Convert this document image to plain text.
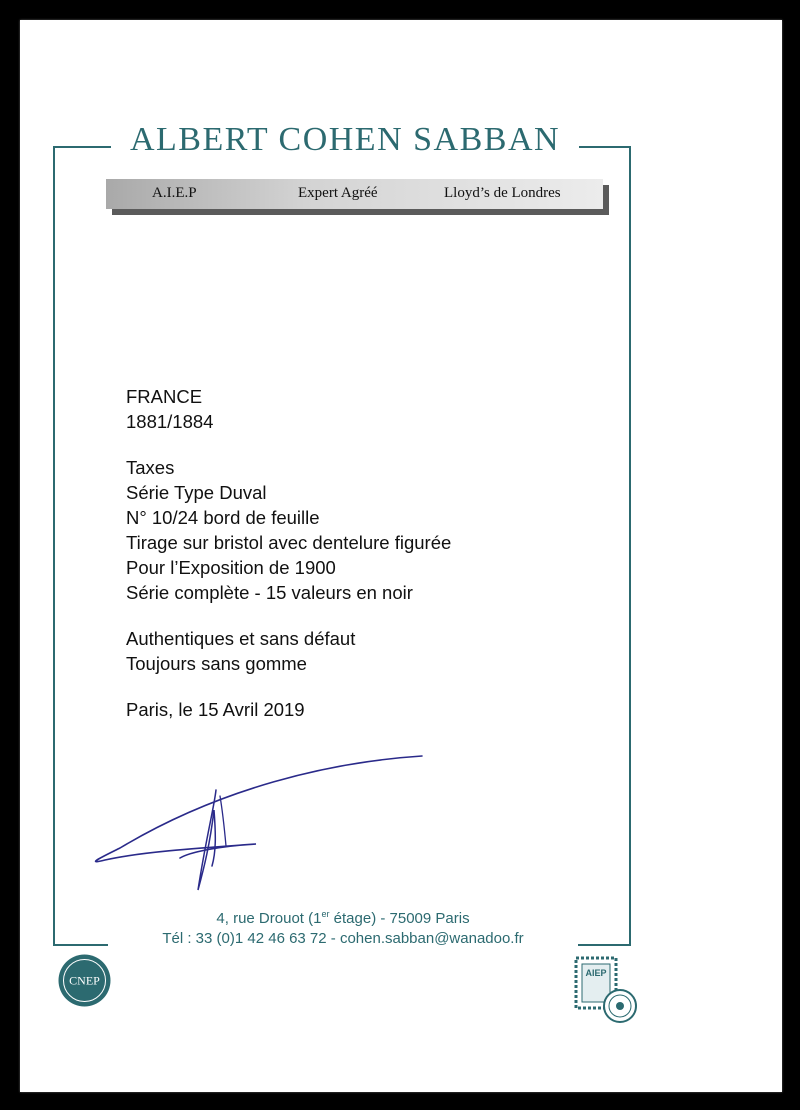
ALBERT COHEN SABBAN
A.I.E.P	Expert Agréé	Lloyd’s de Londres
FRANCE
1881/1884
Taxes
Série Type Duval
N° 10/24 bord de feuille
Tirage sur bristol avec dentelure figurée
Pour l’Exposition de 1900
Série complète - 15 valeurs en noir
Authentiques et sans défaut
Toujours sans gomme
Paris, le 15 Avril 2019
4, rue Drouot (1er étage) - 75009 Paris
Tél : 33 (0)1 42 46 63 72 - cohen.sabban@wanadoo.fr
CNEP
AIEP
